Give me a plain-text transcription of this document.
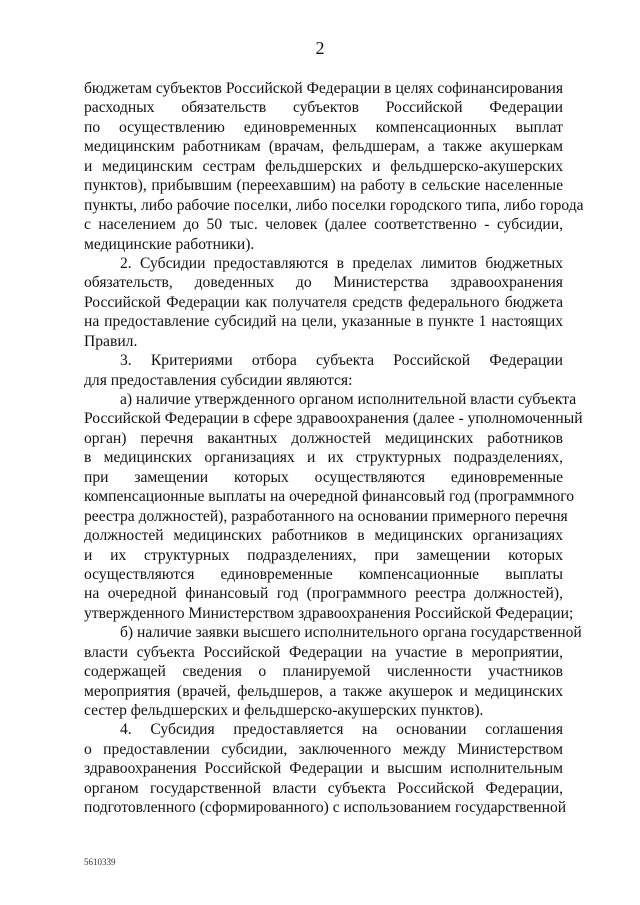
2
бюджетам субъектов Российской Федерации в целях софинансирования
расходных обязательств субъектов Российской Федерации
по осуществлению единовременных компенсационных выплат
медицинским работникам (врачам, фельдшерам, а также акушеркам
и медицинским сестрам фельдшерских и фельдшерско-акушерских
пунктов), прибывшим (переехавшим) на работу в сельские населенные
пункты, либо рабочие поселки, либо поселки городского типа, либо города
с населением до 50 тыс. человек (далее соответственно - субсидии,
медицинские работники).
2. Субсидии предоставляются в пределах лимитов бюджетных
обязательств, доведенных до Министерства здравоохранения
Российской Федерации как получателя средств федерального бюджета
на предоставление субсидий на цели, указанные в пункте 1 настоящих
Правил.
3. Критериями отбора субъекта Российской Федерации
для предоставления субсидии являются:
а) наличие утвержденного органом исполнительной власти субъекта
Российской Федерации в сфере здравоохранения (далее - уполномоченный
орган) перечня вакантных должностей медицинских работников
в медицинских организациях и их структурных подразделениях,
при замещении которых осуществляются единовременные
компенсационные выплаты на очередной финансовый год (программного
реестра должностей), разработанного на основании примерного перечня
должностей медицинских работников в медицинских организациях
и их структурных подразделениях, при замещении которых
осуществляются единовременные компенсационные выплаты
на очередной финансовый год (программного реестра должностей),
утвержденного Министерством здравоохранения Российской Федерации;
б) наличие заявки высшего исполнительного органа государственной
власти субъекта Российской Федерации на участие в мероприятии,
содержащей сведения о планируемой численности участников
мероприятия (врачей, фельдшеров, а также акушерок и медицинских
сестер фельдшерских и фельдшерско-акушерских пунктов).
4. Субсидия предоставляется на основании соглашения
о предоставлении субсидии, заключенного между Министерством
здравоохранения Российской Федерации и высшим исполнительным
органом государственной власти субъекта Российской Федерации,
подготовленного (сформированного) с использованием государственной
5610339
